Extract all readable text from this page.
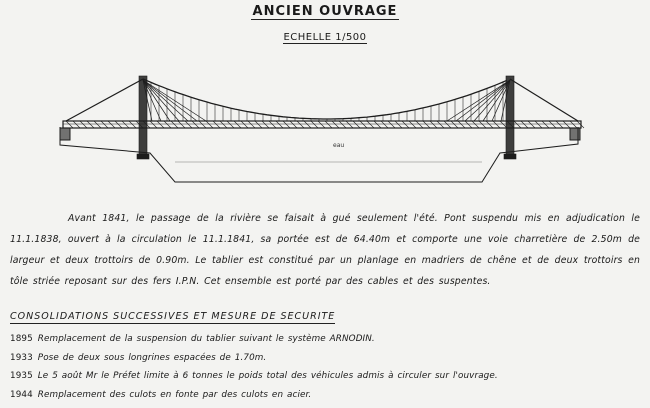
ANCIEN OUVRAGE
ECHELLE 1/500
eau
Avant 1841, le passage de la rivière se faisait à gué seulement l'été. Pont suspendu mis en adjudication le 11.1.1838, ouvert à la circulation le 11.1.1841, sa portée est de 64.40m et comporte une voie charretière de 2.50m de largeur et deux trottoirs de 0.90m. Le tablier est constitué par un planlage en madriers de chêne et de deux trottoirs en tôle striée reposant sur des fers I.P.N. Cet ensemble est porté par des cables et des suspentes.
CONSOLIDATIONS SUCCESSIVES ET MESURE DE SECURITE
1895 Remplacement de la suspension du tablier suivant le système ARNODIN.
1933 Pose de deux sous longrines espacées de 1.70m.
1935 Le 5 août Mr le Préfet limite à 6 tonnes le poids total des véhicules admis à circuler sur l'ouvrage.
1944 Remplacement des culots en fonte par des culots en acier.
